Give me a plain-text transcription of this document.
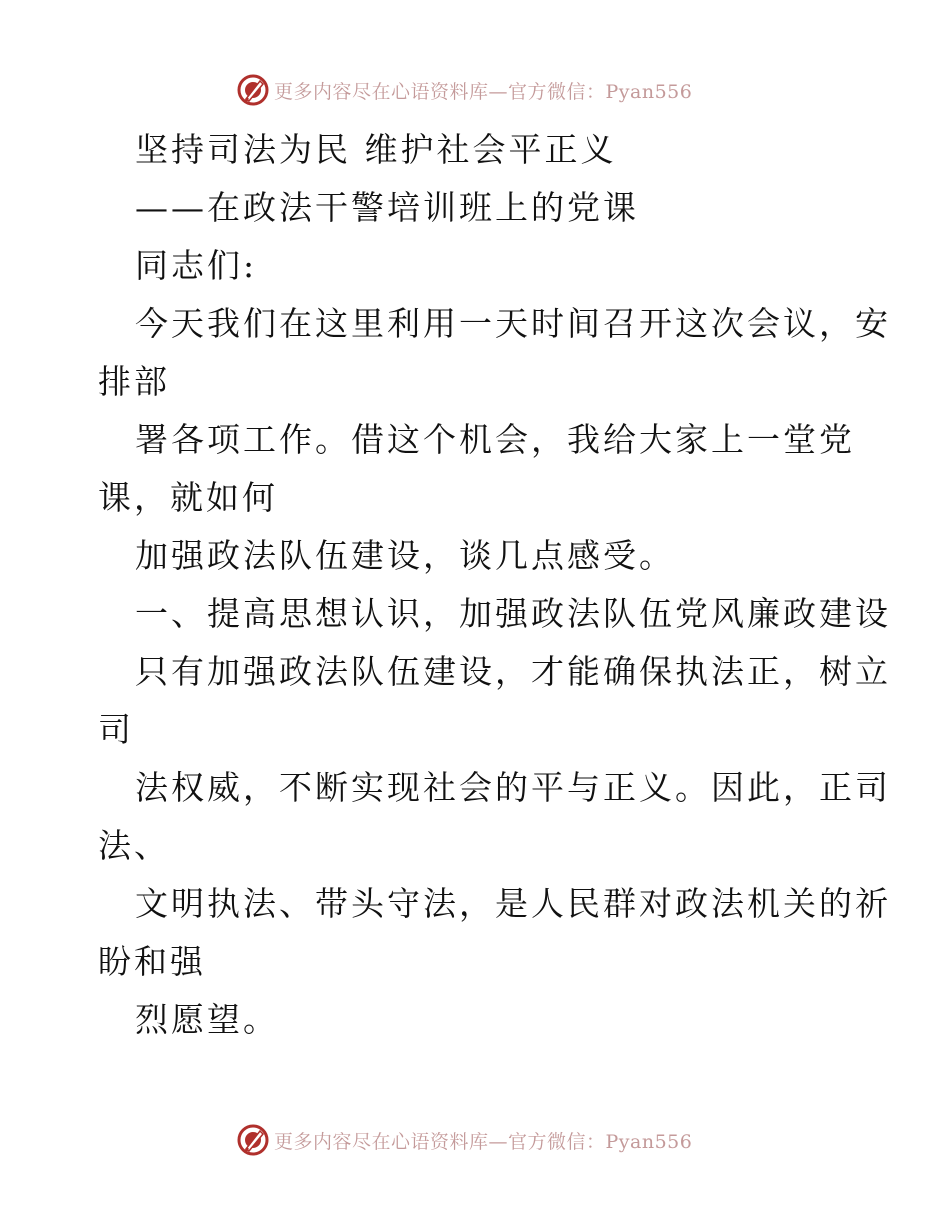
更多内容尽在心语资料库—官方微信：Pyan556
坚持司法为民 维护社会平正义
——在政法干警培训班上的党课
同志们:
今天我们在这里利用一天时间召开这次会议，安
排部
署各项工作。借这个机会，我给大家上一堂党
课，就如何
加强政法队伍建设，谈几点感受。
一、提高思想认识，加强政法队伍党风廉政建设
只有加强政法队伍建设，才能确保执法正，树立
司
法权威，不断实现社会的平与正义。因此，正司
法、
文明执法、带头守法，是人民群对政法机关的祈
盼和强
烈愿望。
更多内容尽在心语资料库—官方微信：Pyan556
